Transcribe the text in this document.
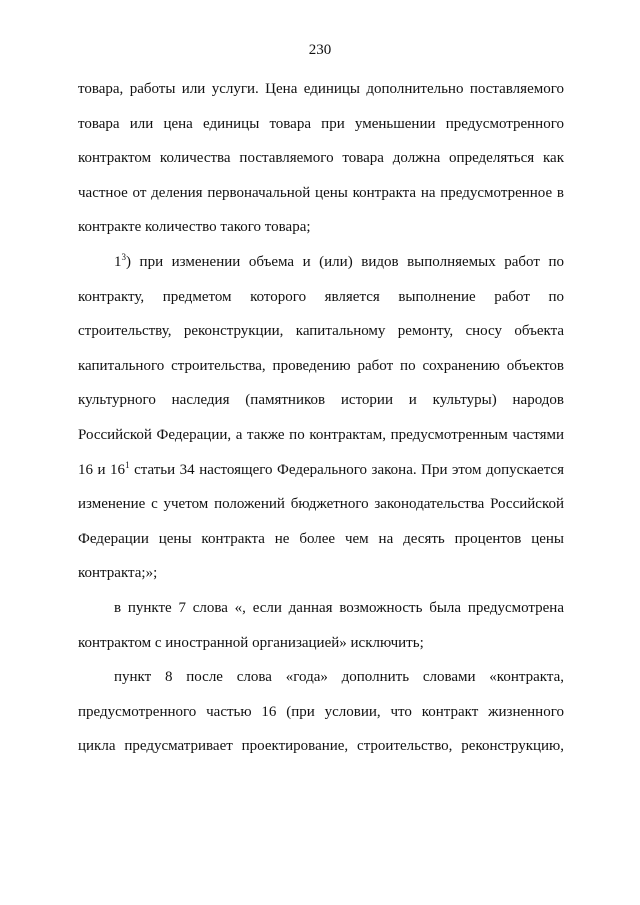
230
товара, работы или услуги. Цена единицы дополнительно поставляемого
товара или цена единицы товара при уменьшении предусмотренного
контрактом количества поставляемого товара должна определяться как
частное от деления первоначальной цены контракта на предусмотренное в
контракте количество такого товара;
$1^3$) при изменении объема и (или) видов выполняемых работ по
контракту, предметом которого является выполнение работ по
строительству, реконструкции, капитальному ремонту, сносу объекта
капитального строительства, проведению работ по сохранению объектов
культурного наследия (памятников истории и культуры) народов
Российской Федерации, а также по контрактам, предусмотренным частями
16 и $16^1$ статьи 34 настоящего Федерального закона. При этом допускается
изменение с учетом положений бюджетного законодательства Российской
Федерации цены контракта не более чем на десять процентов цены
контракта;»;
в пункте 7 слова «, если данная возможность была предусмотрена
контрактом с иностранной организацией» исключить;
пункт 8 после слова «года» дополнить словами «контракта,
предусмотренного частью 16 (при условии, что контракт жизненного
цикла предусматривает проектирование, строительство, реконструкцию,
